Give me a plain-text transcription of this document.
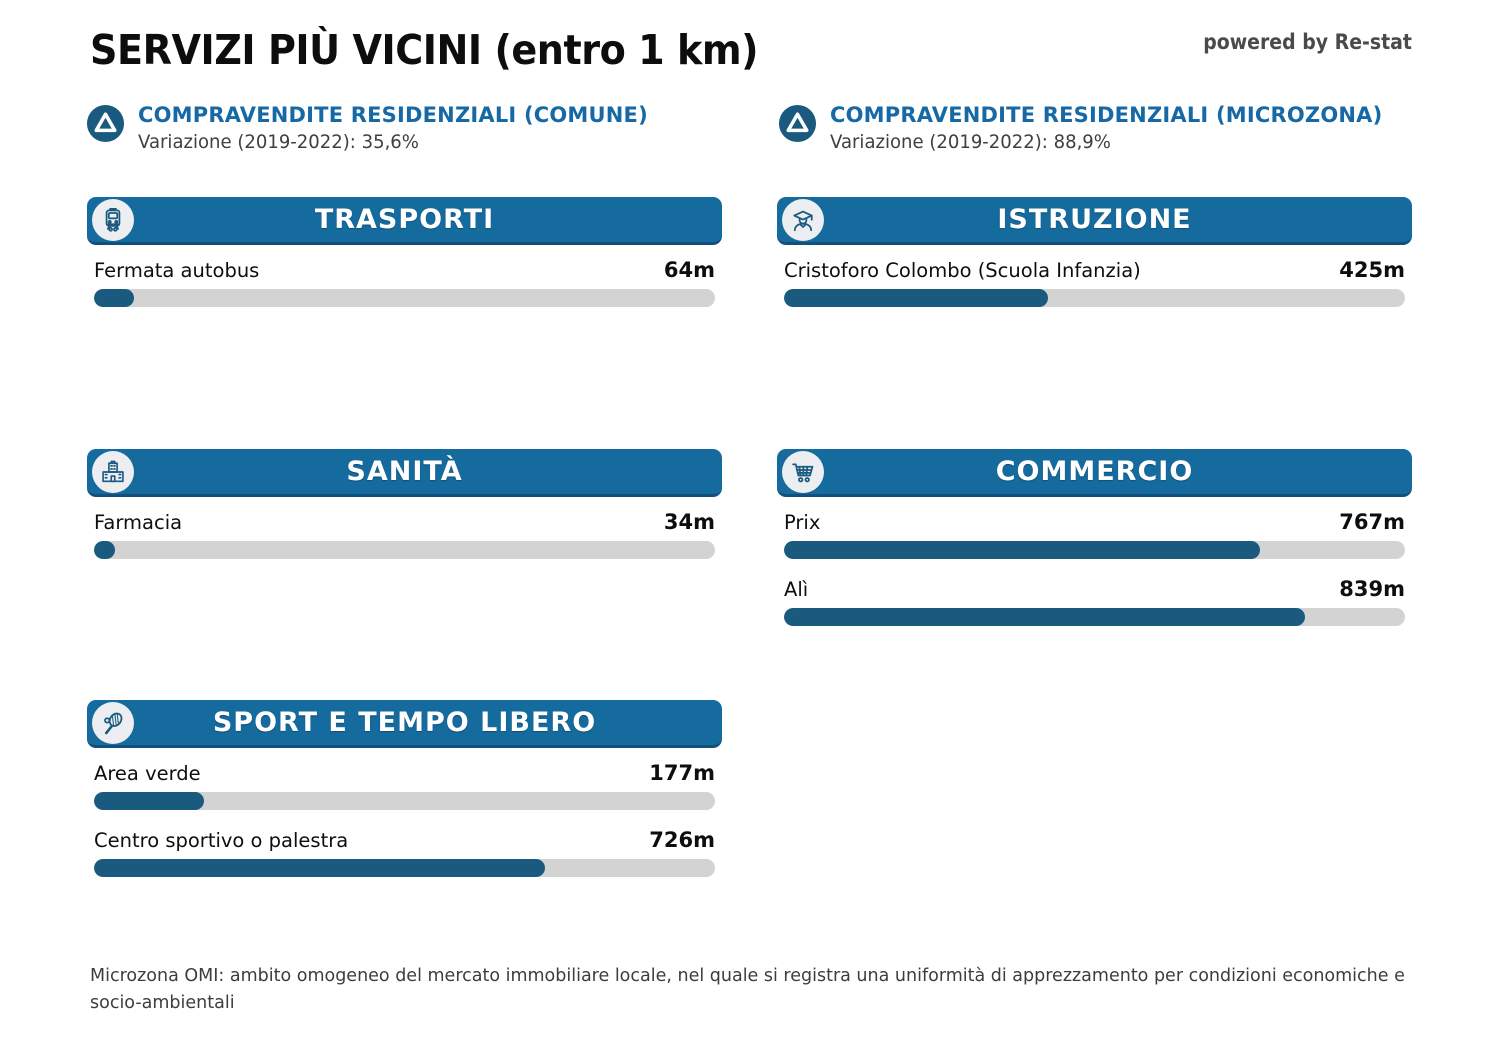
SERVIZI PIÙ VICINI (entro 1 km)	powered by Re-stat
COMPRAVENDITE RESIDENZIALI (COMUNE)
Variazione (2019-2022): 35,6%
COMPRAVENDITE RESIDENZIALI (MICROZONA)
Variazione (2019-2022): 88,9%
TRASPORTI
Fermata autobus	64m
ISTRUZIONE
Cristoforo Colombo (Scuola Infanzia)	425m
SANITÀ
Farmacia	34m
COMMERCIO
Prix	767m
Alì	839m
SPORT E TEMPO LIBERO
Area verde	177m
Centro sportivo o palestra	726m
Microzona OMI: ambito omogeneo del mercato immobiliare locale, nel quale si registra una uniformità di apprezzamento per condizioni economiche e socio-ambientali
